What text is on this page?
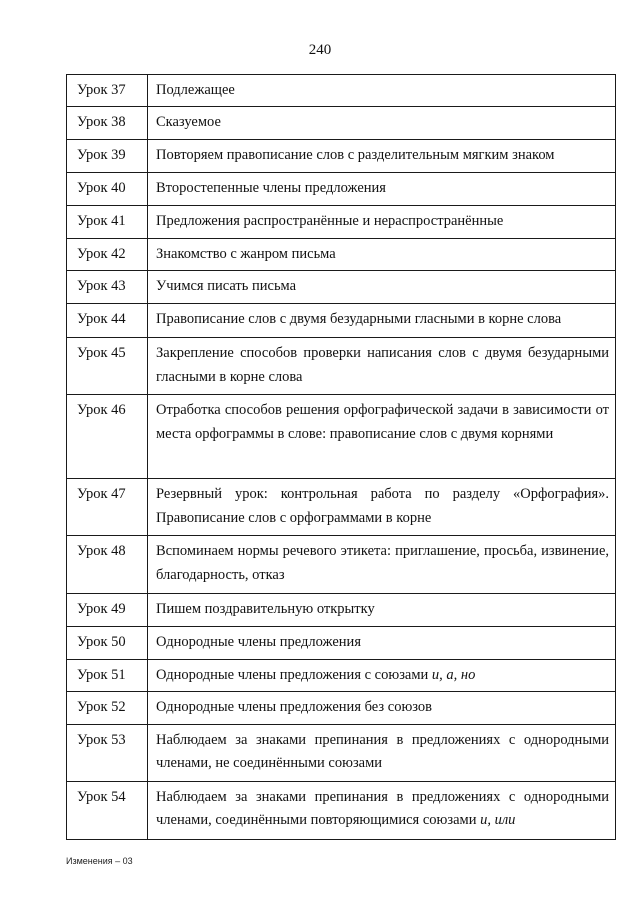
240
Урок 37	Подлежащее
Урок 38	Сказуемое
Урок 39	Повторяем правописание слов с разделительным мягким знаком
Урок 40	Второстепенные члены предложения
Урок 41	Предложения распространённые и нераспространённые
Урок 42	Знакомство с жанром письма
Урок 43	Учимся писать письма
Урок 44	Правописание слов с двумя безударными гласными в корне слова
Урок 45	Закрепление способов проверки написания слов с двумя безударными гласными в корне слова
Урок 46	Отработка способов решения орфографической задачи в зависимости от места орфограммы в слове: правописание слов с двумя корнями
Урок 47	Резервный урок: контрольная работа по разделу «Орфография». Правописание слов с орфограммами в корне
Урок 48	Вспоминаем нормы речевого этикета: приглашение, просьба, извинение, благодарность, отказ
Урок 49	Пишем поздравительную открытку
Урок 50	Однородные члены предложения
Урок 51	Однородные члены предложения с союзами и, а, но
Урок 52	Однородные члены предложения без союзов
Урок 53	Наблюдаем за знаками препинания в предложениях с однородными членами, не соединёнными союзами
Урок 54	Наблюдаем за знаками препинания в предложениях с однородными членами, соединёнными повторяющимися союзами и, или
Изменения – 03
